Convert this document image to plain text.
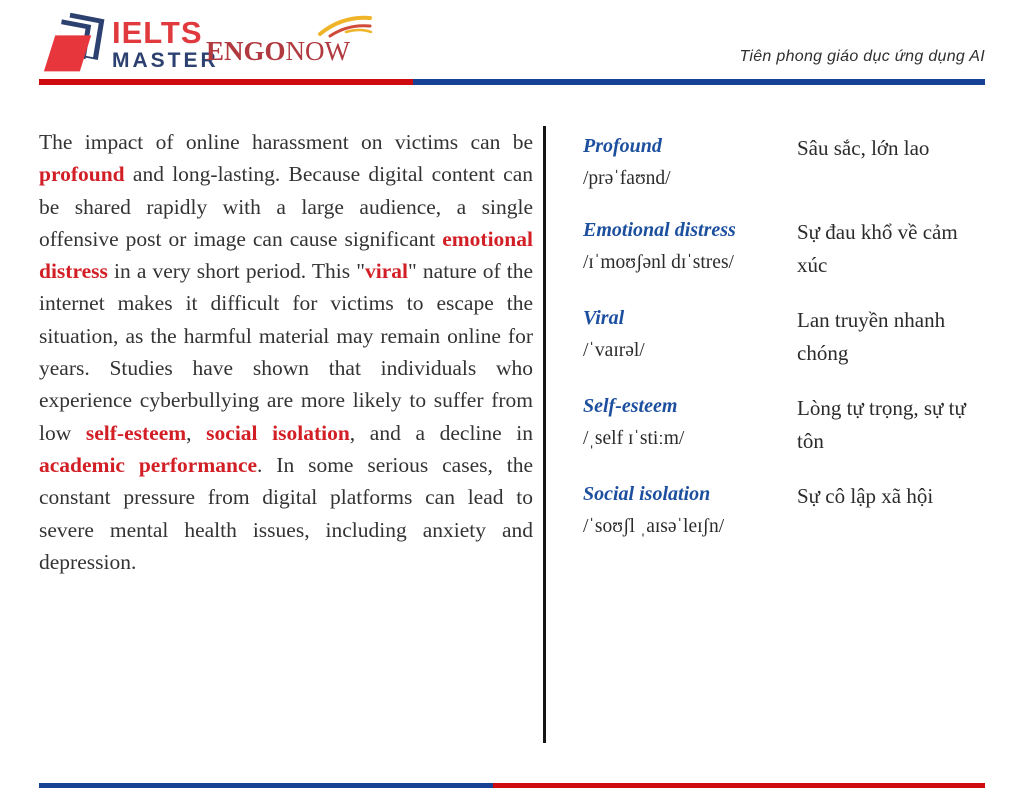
IELTS
MASTER
ENGONOW	Tiên phong giáo dục ứng dụng AI
The impact of online harassment on victims can be profound and long-lasting. Because digital content can be shared rapidly with a large audience, a single offensive post or image can cause significant emotional distress in a very short period. This "viral" nature of the internet makes it difficult for victims to escape the situation, as the harmful material may remain online for years. Studies have shown that individuals who experience cyberbullying are more likely to suffer from low self-esteem, social isolation, and a decline in academic performance. In some serious cases, the constant pressure from digital platforms can lead to severe mental health issues, including anxiety and depression.
Profound
/prəˈfaʊnd/
Sâu sắc, lớn lao
Emotional distress
/ɪˈmoʊʃənl dɪˈstres/
Sự đau khổ về cảm xúc
Viral
/ˈvaɪrəl/
Lan truyền nhanh chóng
Self-esteem
/ˌself ɪˈstiːm/
Lòng tự trọng, sự tự tôn
Social isolation
/ˈsoʊʃl ˌaɪsəˈleɪʃn/
Sự cô lập xã hội
